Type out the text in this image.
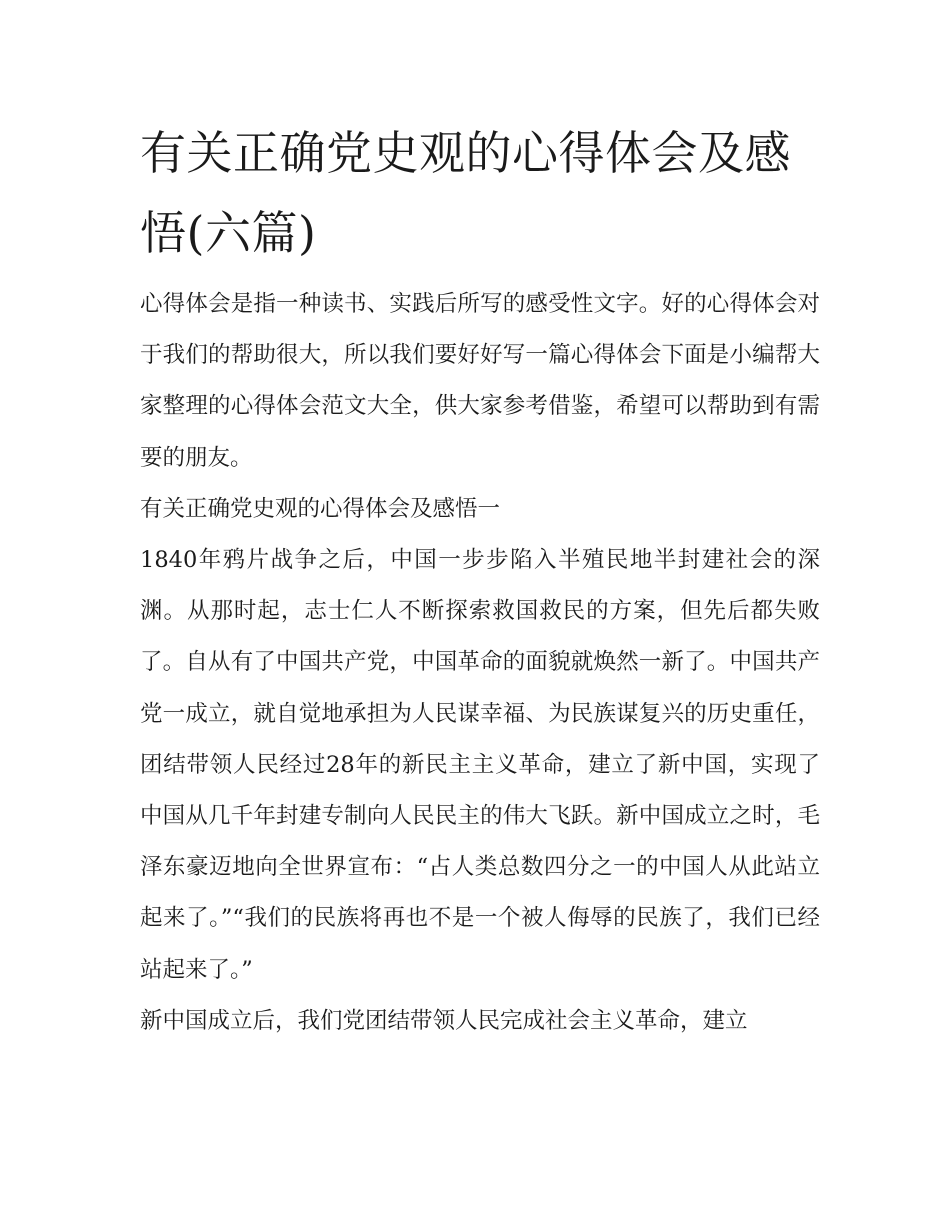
有关正确党史观的心得体会及感悟(六篇)

心得体会是指一种读书、实践后所写的感受性文字。好的心得体会对于我们的帮助很大，所以我们要好好写一篇心得体会下面是小编帮大家整理的心得体会范文大全，供大家参考借鉴，希望可以帮助到有需要的朋友。

有关正确党史观的心得体会及感悟一

1840年鸦片战争之后，中国一步步陷入半殖民地半封建社会的深渊。从那时起，志士仁人不断探索救国救民的方案，但先后都失败了。自从有了中国共产党，中国革命的面貌就焕然一新了。中国共产党一成立，就自觉地承担为人民谋幸福、为民族谋复兴的历史重任，团结带领人民经过28年的新民主主义革命，建立了新中国，实现了中国从几千年封建专制向人民民主的伟大飞跃。新中国成立之时，毛泽东豪迈地向全世界宣布：“占人类总数四分之一的中国人从此站立起来了。”“我们的民族将再也不是一个被人侮辱的民族了，我们已经站起来了。”

新中国成立后，我们党团结带领人民完成社会主义革命，建立
